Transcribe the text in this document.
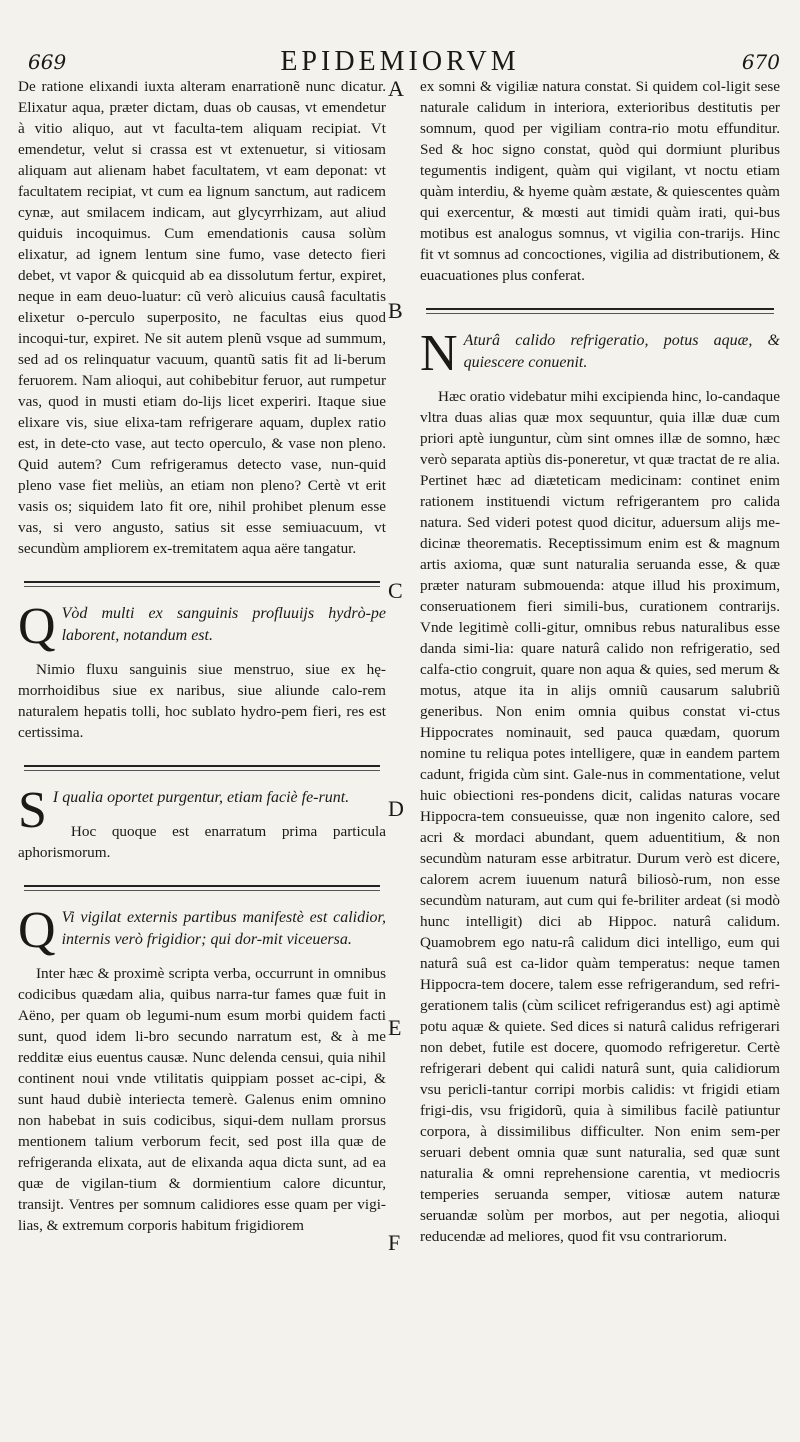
669	EPIDEMIORVM	670

De ratione elixandi iuxta alteram enarrationẽ nunc dicatur. Elixatur aqua, præter dictam, duas ob causas, vt emendetur à vitio aliquo, aut vt faculta-tem aliquam recipiat. Vt emendetur, velut si crassa est vt extenuetur, si vitiosam aliquam aut alienam habet facultatem, vt eam deponat: vt facultatem recipiat, vt cum ea lignum sanctum, aut radicem cynæ, aut smilacem indicam, aut glycyrrhizam, aut aliud quiduis incoquimus. Cum emendationis causa solùm elixatur, ad ignem lentum sine fumo, vase detecto fieri debet, vt vapor & quicquid ab ea dissolutum fertur, expiret, neque in eam deuo-luatur: cũ verò alicuius causâ facultatis elixetur o-perculo superposito, ne facultas eius quod incoqui-tur, expiret. Ne sit autem plenũ vsque ad summum, sed ad os relinquatur vacuum, quantũ satis fit ad li-berum feruorem. Nam alioqui, aut cohibebitur feruor, aut rumpetur vas, quod in musti etiam do-lijs licet experiri. Itaque siue elixare vis, siue elixa-tam refrigerare aquam, duplex ratio est, in dete-cto vase, aut tecto operculo, & vase non pleno. Quid autem? Cum refrigeramus detecto vase, nun-quid pleno vase fiet meliùs, an etiam non pleno? Certè vt erit vasis os; siquidem lato fit ore, nihil prohibet plenum esse vas, si vero angusto, satius sit esse semiuacuum, vt secundùm ampliorem ex-tremitatem aqua aëre tangatur.

Q Vòd multi ex sanguinis profluuijs hydrò-pe laborent, notandum est.

Nimio fluxu sanguinis siue menstruo, siue ex hę-morrhoidibus siue ex naribus, siue aliunde calo-rem naturalem hepatis tolli, hoc sublato hydro-pem fieri, res est certissima.

S I qualia oportet purgentur, etiam faciè fe-runt.

Hoc quoque est enarratum prima particula aphorismorum.

Q Vi vigilat externis partibus manifestè est calidior, internis verò frigidior; qui dor-mit viceuersa.

Inter hæc & proximè scripta verba, occurrunt in omnibus codicibus quædam alia, quibus narra-tur fames quæ fuit in Aëno, per quam ob legumi-num esum morbi quidem facti sunt, quod idem li-bro secundo narratum est, & à me redditæ eius euentus causæ. Nunc delenda censui, quia nihil continent noui vnde vtilitatis quippiam posset ac-cipi, & sunt haud dubiè interiecta temerè. Galenus enim omnino non habebat in suis codicibus, siqui-dem nullam prorsus mentionem talium verborum fecit, sed post illa quæ de refrigeranda elixata, aut de elixanda aqua dicta sunt, ad ea quæ de vigilan-tium & dormientium calore dicuntur, transijt. Ventres per somnum calidiores esse quam per vigi-lias, & extremum corporis habitum frigidiorem

ex somni & vigiliæ natura constat. Si quidem col-ligit sese naturale calidum in interiora, exterioribus destitutis per somnum, quod per vigiliam contra-rio motu effunditur. Sed & hoc signo constat, quòd qui dormiunt pluribus tegumentis indigent, quàm qui vigilant, vt noctu etiam quàm interdiu, & hyeme quàm æstate, & quiescentes quàm qui exercentur, & mœsti aut timidi quàm irati, qui-bus motibus est analogus somnus, vt vigilia con-trarijs. Hinc fit vt somnus ad concoctiones, vigilia ad distributionem, & euacuationes plus conferat.

N Aturâ calido refrigeratio, potus aquæ, & quiescere conuenit.

Hæc oratio videbatur mihi excipienda hinc, lo-candaque vltra duas alias quæ mox sequuntur, quia illæ duæ cum priori aptè iunguntur, cùm sint omnes illæ de somno, hæc verò separata aptiùs dis-poneretur, vt quæ tractat de re alia. Pertinet hæc ad diæteticam medicinam: continet enim rationem instituendi victum refrigerantem pro calida natura. Sed videri potest quod dicitur, aduersum alijs me-dicinæ theorematis. Receptissimum enim est & magnum artis axioma, quæ sunt naturalia seruanda esse, & quæ præter naturam submouenda: atque illud his proximum, conseruationem fieri simili-bus, curationem contrarijs. Vnde legitimè colli-gitur, omnibus rebus naturalibus esse danda simi-lia: quare naturâ calido non refrigeratio, sed calfa-ctio congruit, quare non aqua & quies, sed merum & motus, atque ita in alijs omniũ causarum salubriũ generibus. Non enim omnia quibus constat vi-ctus Hippocrates nominauit, sed pauca quædam, quorum nomine tu reliqua potes intelligere, quæ in eandem partem cadunt, frigida cùm sint. Gale-nus in commentatione, velut huic obiectioni res-pondens dicit, calidas naturas vocare Hippocra-tem consueuisse, quæ non ingenito calore, sed acri & mordaci abundant, quem aduentitium, & non secundùm naturam esse arbitratur. Durum verò est dicere, calorem acrem iuuenum naturâ biliosò-rum, non esse secundùm naturam, aut cum qui fe-briliter ardeat (si modò hunc intelligit) dici ab Hippoc. naturâ calidum. Quamobrem ego natu-râ calidum dici intelligo, eum qui naturâ suâ est ca-lidor quàm temperatus: neque tamen Hippocra-tem docere, talem esse refrigerandum, sed refri-gerationem talis (cùm scilicet refrigerandus est) agi aptimè potu aquæ & quiete. Sed dices si naturâ calidus refrigerari non debet, futile est docere, quomodo refrigeretur. Certè refrigerari debent qui calidi naturâ sunt, quia calidiorum vsu pericli-tantur corripi morbis calidis: vt frigidi etiam frigi-dis, vsu frigidorũ, quia à similibus facilè patiuntur corpora, à dissimilibus difficulter. Non enim sem-per seruari debent omnia quæ sunt naturalia, sed quæ sunt naturalia & omni reprehensione carentia, vt mediocris temperies seruanda semper, vitiosæ autem naturæ seruandæ solùm per morbos, aut per negotia, alioqui reducendæ ad meliores, quod fit vsu contrariorum.

A
B
C
D
E
F
